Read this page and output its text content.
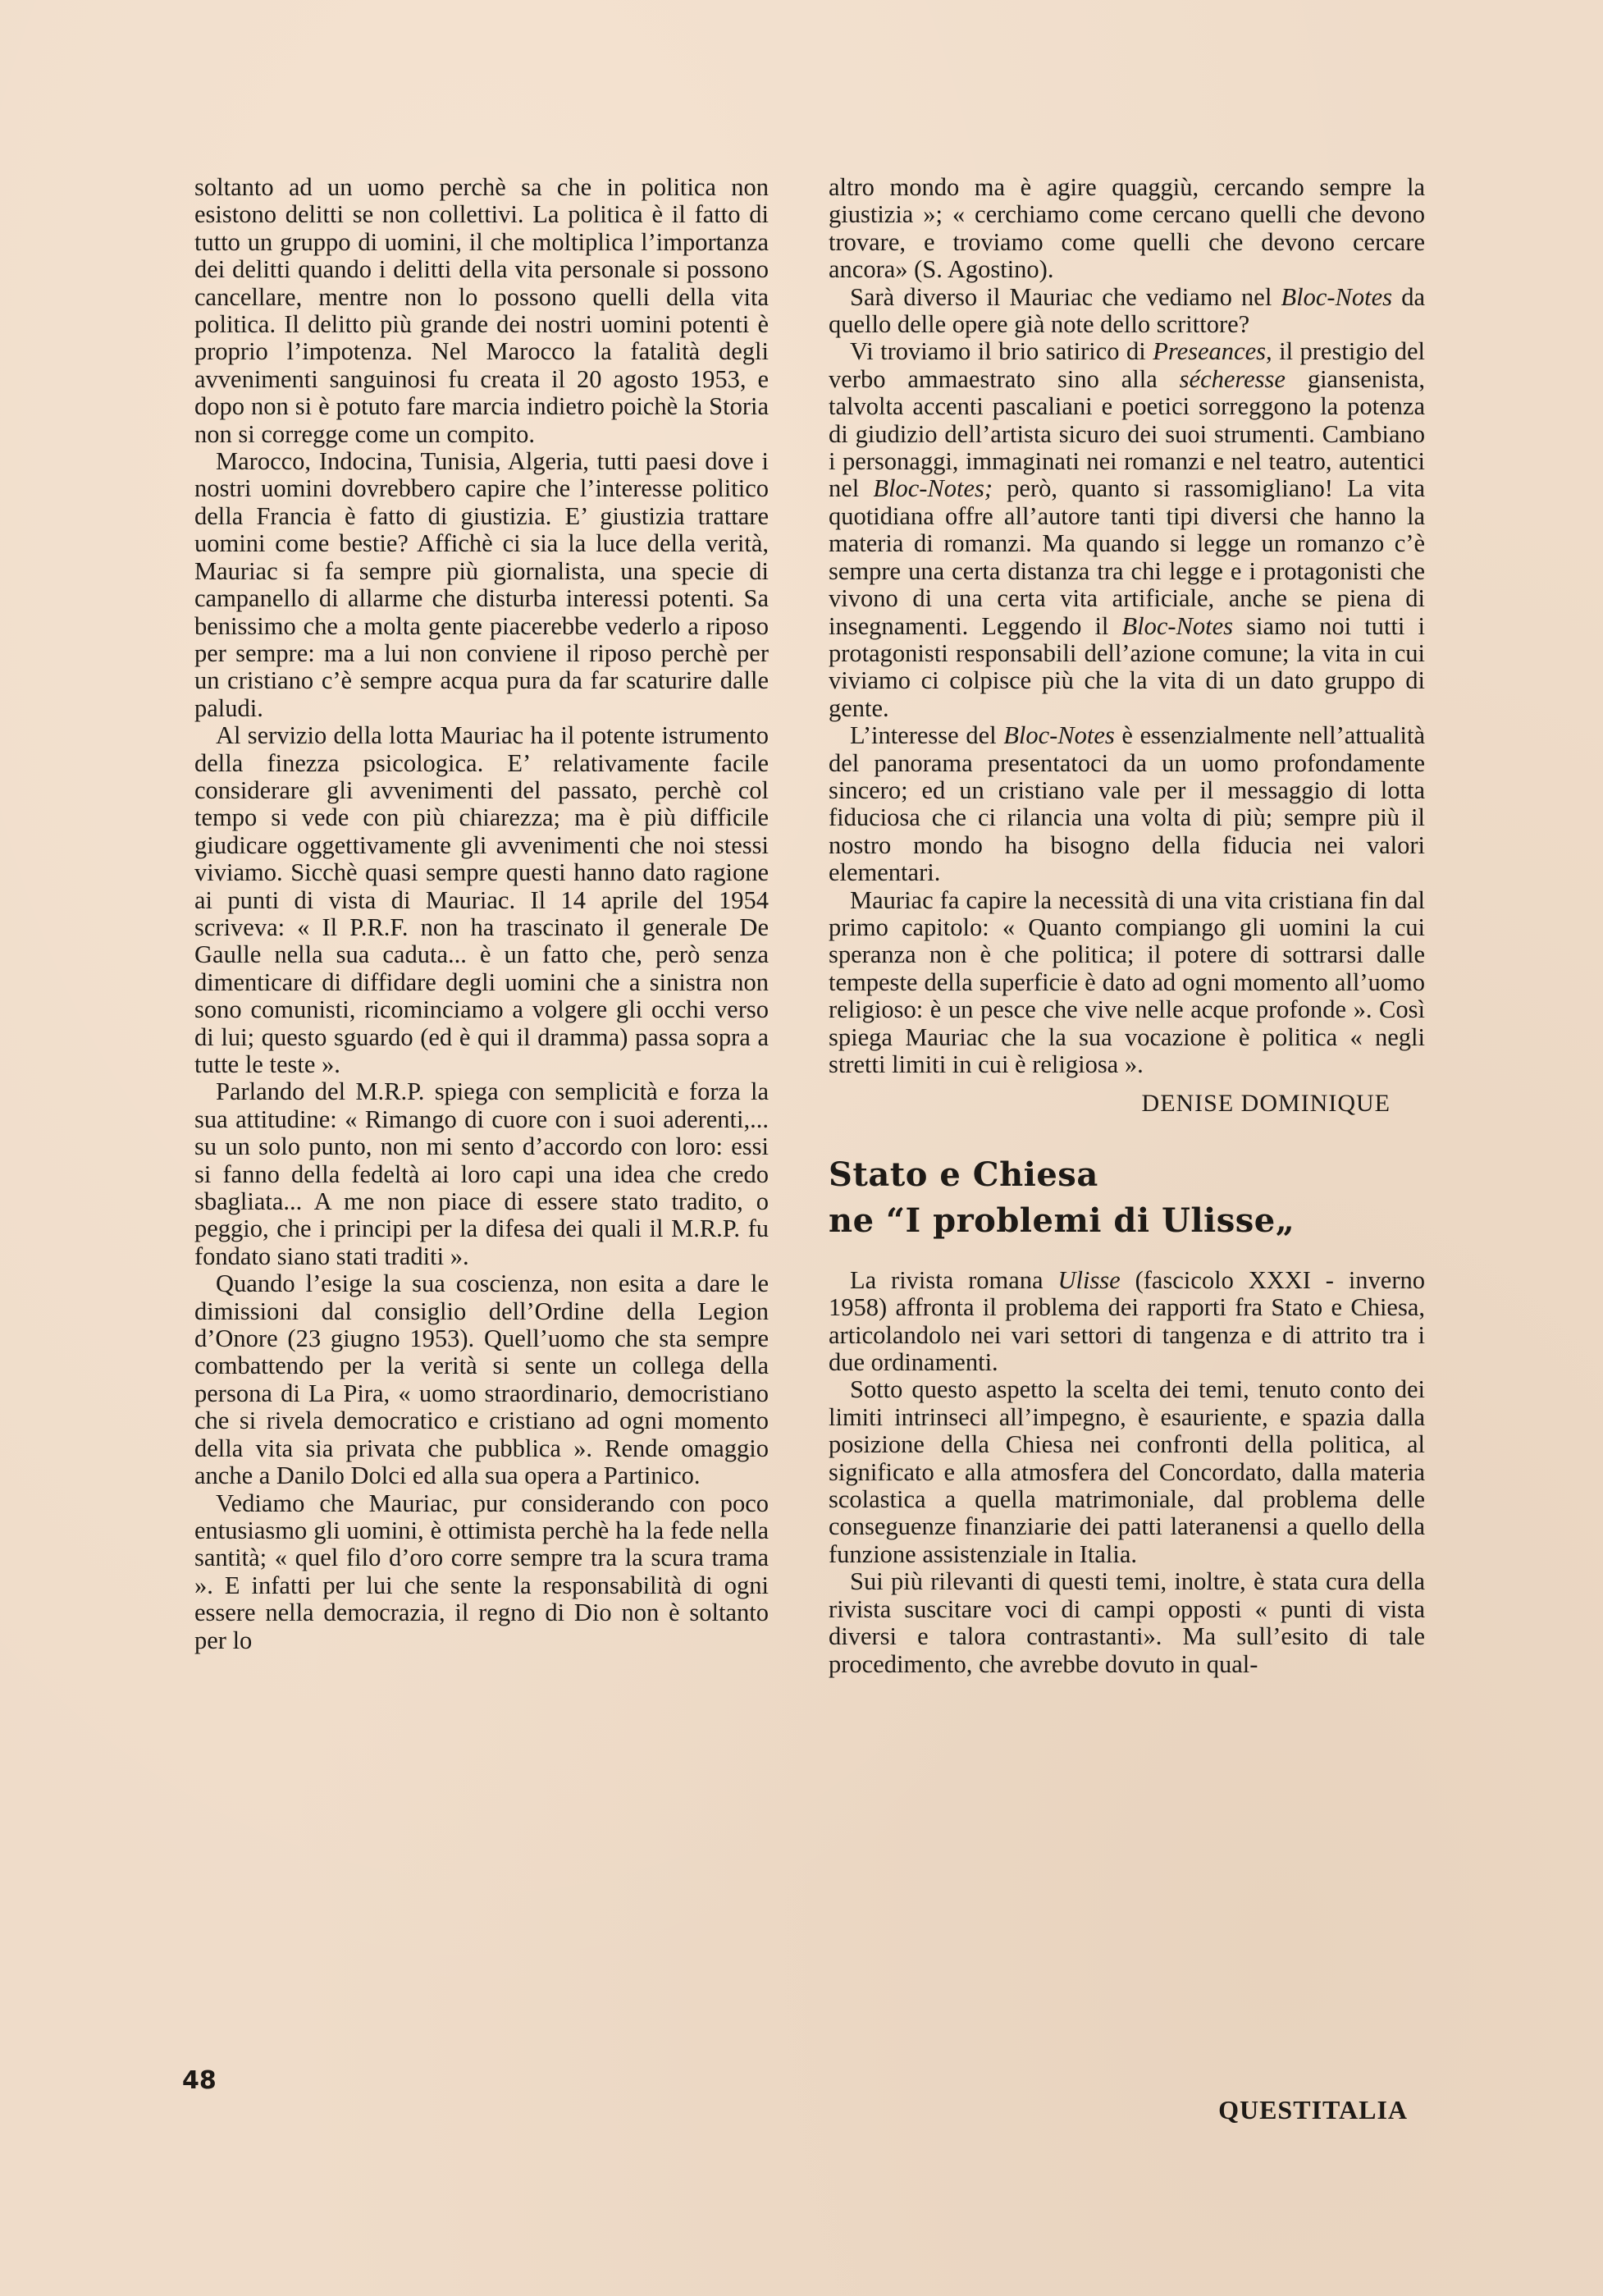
soltanto ad un uomo perchè sa che in politica non esistono delitti se non collettivi. La politica è il fatto di tutto un gruppo di uomini, il che moltiplica l’importanza dei delitti quando i delitti della vita personale si possono cancellare, mentre non lo possono quelli della vita politica. Il delitto più grande dei nostri uomini potenti è proprio l’impotenza. Nel Marocco la fatalità degli avvenimenti sanguinosi fu creata il 20 agosto 1953, e dopo non si è potuto fare marcia indietro poichè la Storia non si corregge come un compito.

Marocco, Indocina, Tunisia, Algeria, tutti paesi dove i nostri uomini dovrebbero capire che l’interesse politico della Francia è fatto di giustizia. E’ giustizia trattare uomini come bestie? Affichè ci sia la luce della verità, Mauriac si fa sempre più giornalista, una specie di campanello di allarme che disturba interessi potenti. Sa benissimo che a molta gente piacerebbe vederlo a riposo per sempre: ma a lui non conviene il riposo perchè per un cristiano c’è sempre acqua pura da far scaturire dalle paludi.

Al servizio della lotta Mauriac ha il potente istrumento della finezza psicologica. E’ relativamente facile considerare gli avvenimenti del passato, perchè col tempo si vede con più chiarezza; ma è più difficile giudicare oggettivamente gli avvenimenti che noi stessi viviamo. Sicchè quasi sempre questi hanno dato ragione ai punti di vista di Mauriac. Il 14 aprile del 1954 scriveva: « Il P.R.F. non ha trascinato il generale De Gaulle nella sua caduta... è un fatto che, però senza dimenticare di diffidare degli uomini che a sinistra non sono comunisti, ricominciamo a volgere gli occhi verso di lui; questo sguardo (ed è qui il dramma) passa sopra a tutte le teste ».

Parlando del M.R.P. spiega con semplicità e forza la sua attitudine: « Rimango di cuore con i suoi aderenti,... su un solo punto, non mi sento d’accordo con loro: essi si fanno della fedeltà ai loro capi una idea che credo sbagliata... A me non piace di essere stato tradito, o peggio, che i principi per la difesa dei quali il M.R.P. fu fondato siano stati traditi ».

Quando l’esige la sua coscienza, non esita a dare le dimissioni dal consiglio dell’Ordine della Legion d’Onore (23 giugno 1953). Quell’uomo che sta sempre combattendo per la verità si sente un collega della persona di La Pira, « uomo straordinario, democristiano che si rivela democratico e cristiano ad ogni momento della vita sia privata che pubblica ». Rende omaggio anche a Danilo Dolci ed alla sua opera a Partinico.

Vediamo che Mauriac, pur considerando con poco entusiasmo gli uomini, è ottimista perchè ha la fede nella santità; « quel filo d’oro corre sempre tra la scura trama ». E infatti per lui che sente la responsabilità di ogni essere nella democrazia, il regno di Dio non è soltanto per lo

altro mondo ma è agire quaggiù, cercando sempre la giustizia »; « cerchiamo come cercano quelli che devono trovare, e troviamo come quelli che devono cercare ancora» (S. Agostino).

Sarà diverso il Mauriac che vediamo nel Bloc-Notes da quello delle opere già note dello scrittore?

Vi troviamo il brio satirico di Preseances, il prestigio del verbo ammaestrato sino alla sécheresse giansenista, talvolta accenti pascaliani e poetici sorreggono la potenza di giudizio dell’artista sicuro dei suoi strumenti. Cambiano i personaggi, immaginati nei romanzi e nel teatro, autentici nel Bloc-Notes; però, quanto si rassomigliano! La vita quotidiana offre all’autore tanti tipi diversi che hanno la materia di romanzi. Ma quando si legge un romanzo c’è sempre una certa distanza tra chi legge e i protagonisti che vivono di una certa vita artificiale, anche se piena di insegnamenti. Leggendo il Bloc-Notes siamo noi tutti i protagonisti responsabili dell’azione comune; la vita in cui viviamo ci colpisce più che la vita di un dato gruppo di gente.

L’interesse del Bloc-Notes è essenzialmente nell’attualità del panorama presentatoci da un uomo profondamente sincero; ed un cristiano vale per il messaggio di lotta fiduciosa che ci rilancia una volta di più; sempre più il nostro mondo ha bisogno della fiducia nei valori elementari.

Mauriac fa capire la necessità di una vita cristiana fin dal primo capitolo: « Quanto compiango gli uomini la cui speranza non è che politica; il potere di sottrarsi dalle tempeste della superficie è dato ad ogni momento all’uomo religioso: è un pesce che vive nelle acque profonde ». Così spiega Mauriac che la sua vocazione è politica « negli stretti limiti in cui è religiosa ».

DENISE DOMINIQUE
Stato e Chiesa
ne “I problemi di Ulisse„

La rivista romana Ulisse (fascicolo XXXI - inverno 1958) affronta il problema dei rapporti fra Stato e Chiesa, articolandolo nei vari settori di tangenza e di attrito tra i due ordinamenti.

Sotto questo aspetto la scelta dei temi, tenuto conto dei limiti intrinseci all’impegno, è esauriente, e spazia dalla posizione della Chiesa nei confronti della politica, al significato e alla atmosfera del Concordato, dalla materia scolastica a quella matrimoniale, dal problema delle conseguenze finanziarie dei patti lateranensi a quello della funzione assistenziale in Italia.

Sui più rilevanti di questi temi, inoltre, è stata cura della rivista suscitare voci di campi opposti « punti di vista diversi e talora contrastanti». Ma sull’esito di tale procedimento, che avrebbe dovuto in qual-

48
QUESTITALIA
